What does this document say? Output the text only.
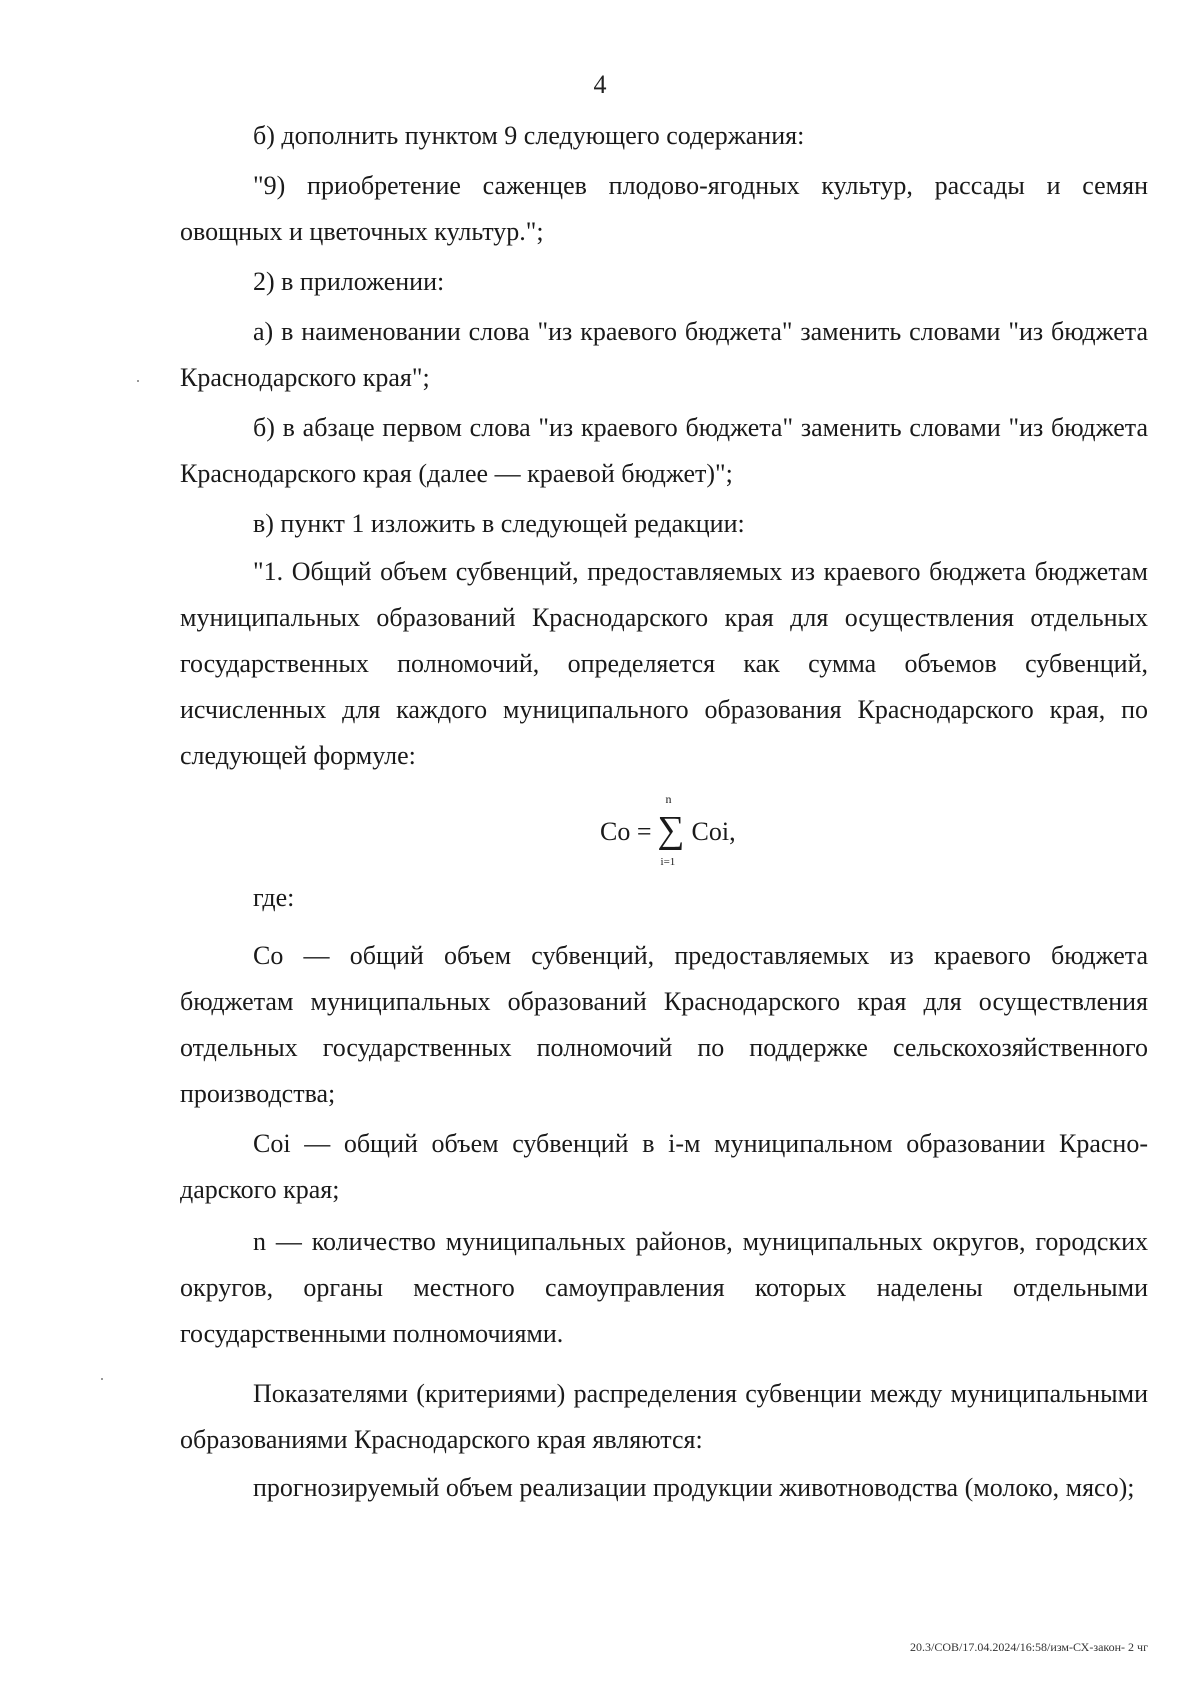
4

б) дополнить пунктом 9 следующего содержания:

"9) приобретение саженцев плодово-ягодных культур, рассады и семян овощных и цветочных культур.";

2) в приложении:

а) в наименовании слова "из краевого бюджета" заменить словами "из бюджета Краснодарского края";

б) в абзаце первом слова "из краевого бюджета" заменить словами "из бюджета Краснодарского края (далее — краевой бюджет)";

в) пункт 1 изложить в следующей редакции:

"1. Общий объем субвенций, предоставляемых из краевого бюджета бюджетам муниципальных образований Краснодарского края для осуществления отдельных государственных полномочий, определяется как сумма объемов субвенций, исчисленных для каждого муниципального образования Краснодарского края, по следующей формуле:

Со =
n
∑
i=1
Coi,

где:

Со — общий объем субвенций, предоставляемых из краевого бюджета бюджетам муниципальных образований Краснодарского края для осуществления отдельных государственных полномочий по поддержке сельскохозяйственного производства;

Coi — общий объем субвенций в i-м муниципальном образовании Краснодарского края;

n — количество муниципальных районов, муниципальных округов, городских округов, органы местного самоуправления которых наделены отдельными государственными полномочиями.

Показателями (критериями) распределения субвенции между муниципальными образованиями Краснодарского края являются:

прогнозируемый объем реализации продукции животноводства (молоко, мясо);

20.3/СОВ/17.04.2024/16:58/изм-СХ-закон- 2 чг
